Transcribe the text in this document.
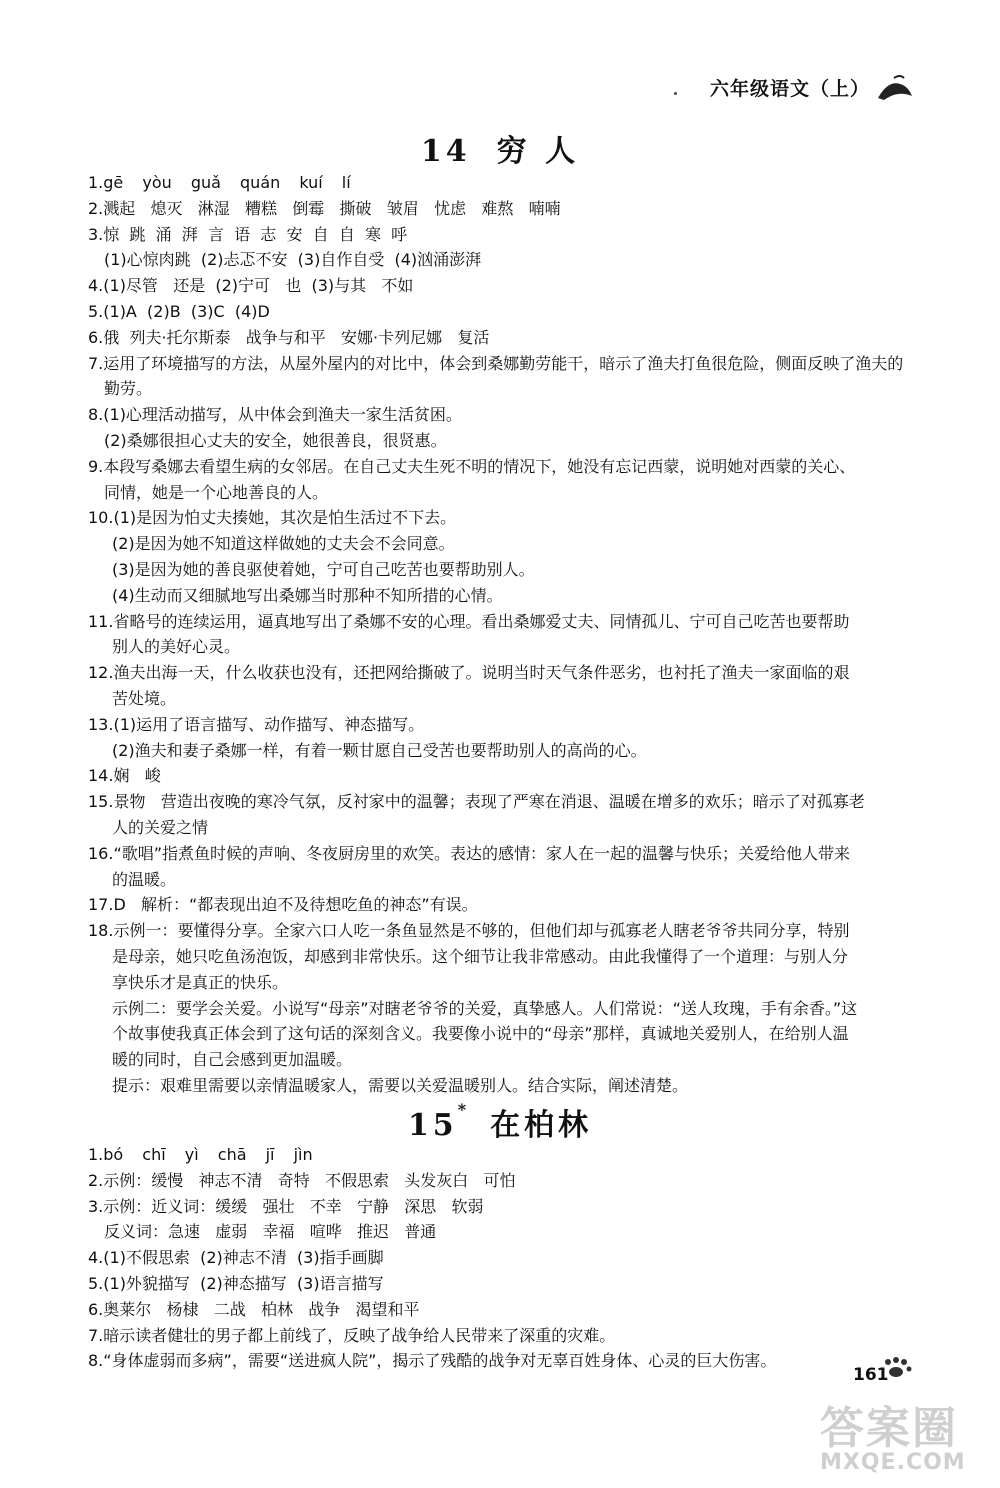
六年级语文（上）
14 穷 人
1.gē yòu guǎ quán kuí lí
2.溅起   熄灭   淋湿   糟糕   倒霉   撕破   皱眉   忧虑   难熬   喃喃
3.惊  跳  涌  湃  言  语  志  安  自  自  寒  呼
(1)心惊肉跳  (2)忐忑不安  (3)自作自受  (4)汹涌澎湃
4.(1)尽管   还是  (2)宁可   也  (3)与其   不如
5.(1)A  (2)B  (3)C  (4)D
6.俄  列夫·托尔斯泰   战争与和平   安娜·卡列尼娜   复活
7.运用了环境描写的方法，从屋外屋内的对比中，体会到桑娜勤劳能干，暗示了渔夫打鱼很危险，侧面反映了渔夫的
勤劳。
8.(1)心理活动描写，从中体会到渔夫一家生活贫困。
(2)桑娜很担心丈夫的安全，她很善良，很贤惠。
9.本段写桑娜去看望生病的女邻居。在自己丈夫生死不明的情况下，她没有忘记西蒙，说明她对西蒙的关心、
同情，她是一个心地善良的人。
10.(1)是因为怕丈夫揍她，其次是怕生活过不下去。
(2)是因为她不知道这样做她的丈夫会不会同意。
(3)是因为她的善良驱使着她，宁可自己吃苦也要帮助别人。
(4)生动而又细腻地写出桑娜当时那种不知所措的心情。
11.省略号的连续运用，逼真地写出了桑娜不安的心理。看出桑娜爱丈夫、同情孤儿、宁可自己吃苦也要帮助
别人的美好心灵。
12.渔夫出海一天，什么收获也没有，还把网给撕破了。说明当时天气条件恶劣，也衬托了渔夫一家面临的艰
苦处境。
13.(1)运用了语言描写、动作描写、神态描写。
(2)渔夫和妻子桑娜一样，有着一颗甘愿自己受苦也要帮助别人的高尚的心。
14.娴   峻
15.景物   营造出夜晚的寒冷气氛，反衬家中的温馨；表现了严寒在消退、温暖在增多的欢乐；暗示了对孤寡老
人的关爱之情
16.“歌唱”指煮鱼时候的声响、冬夜厨房里的欢笑。表达的感情：家人在一起的温馨与快乐；关爱给他人带来
的温暖。
17.D   解析：“都表现出迫不及待想吃鱼的神态”有误。
18.示例一：要懂得分享。全家六口人吃一条鱼显然是不够的，但他们却与孤寡老人瞎老爷爷共同分享，特别
是母亲，她只吃鱼汤泡饭，却感到非常快乐。这个细节让我非常感动。由此我懂得了一个道理：与别人分
享快乐才是真正的快乐。
示例二：要学会关爱。小说写“母亲”对瞎老爷爷的关爱，真挚感人。人们常说：“送人玫瑰，手有余香。”这
个故事使我真正体会到了这句话的深刻含义。我要像小说中的“母亲”那样，真诚地关爱别人，在给别人温
暖的同时，自己会感到更加温暖。
提示：艰难里需要以亲情温暖家人，需要以关爱温暖别人。结合实际，阐述清楚。
15* 在柏林
1.bó chī yì chā jī jìn
2.示例：缓慢   神志不清   奇特   不假思索   头发灰白   可怕
3.示例：近义词：缓缓   强壮   不幸   宁静   深思   软弱
反义词：急速   虚弱   幸福   喧哗   推迟   普通
4.(1)不假思索  (2)神志不清  (3)指手画脚
5.(1)外貌描写  (2)神态描写  (3)语言描写
6.奥莱尔   杨棣   二战   柏林   战争   渴望和平
7.暗示读者健壮的男子都上前线了，反映了战争给人民带来了深重的灾难。
8.“身体虚弱而多病”，需要“送进疯人院”，揭示了残酷的战争对无辜百姓身体、心灵的巨大伤害。
161
答案圈
MXQE.COM
